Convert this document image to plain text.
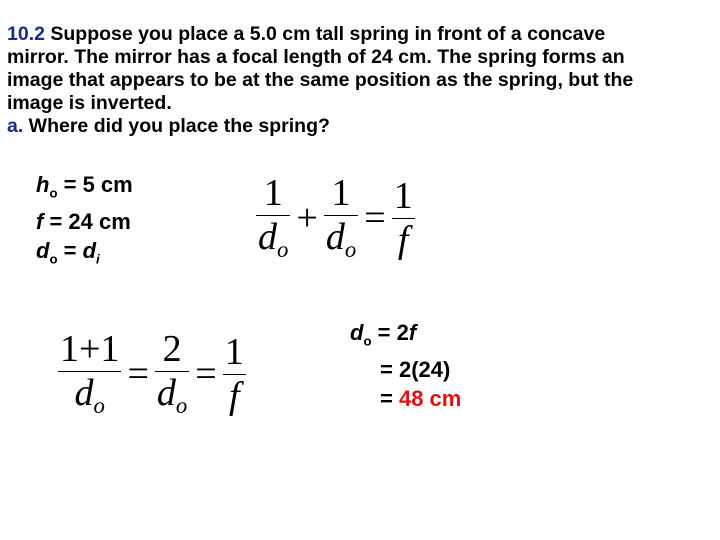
10.2 Suppose you place a 5.0 cm tall spring in front of a concave
mirror. The mirror has a focal length of 24 cm. The spring forms an
image that appears to be at the same position as the spring, but the
image is inverted.
a. Where did you place the spring?
$h_o = 5$ cm
f = 24 cm
$d_o = d_i$	$\frac{1}{d_o} + \frac{1}{d_o} = \frac{1}{f}$
$\frac{1+1}{d_o} = \frac{2}{d_o} = \frac{1}{f}$
$d_o = 2f$
= 2(24)
= 48 cm
